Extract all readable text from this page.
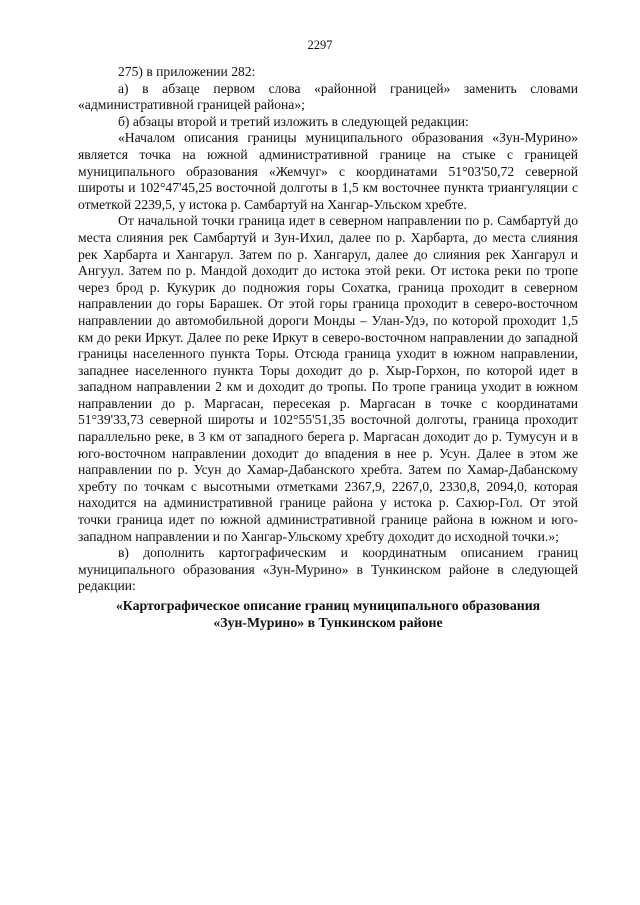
2297

275) в приложении 282:

а) в абзаце первом слова «районной границей» заменить словами «административной границей района»;

б) абзацы второй и третий изложить в следующей редакции:

«Началом описания границы муниципального образования «Зун-Мурино» является точка на южной административной границе на стыке с границей муниципального образования «Жемчуг» с координатами 51°03'50,72 северной широты и 102°47'45,25 восточной долготы в 1,5 км восточнее пункта триангуляции с отметкой 2239,5, у истока р. Самбартуй на Хангар-Ульском хребте.

От начальной точки граница идет в северном направлении по р. Самбартуй до места слияния рек Самбартуй и Зун-Ихил, далее по р. Харбарта, до места слияния рек Харбарта и Хангарул. Затем по р. Хангарул, далее до слияния рек Хангарул и Ангуул. Затем по р. Мандой доходит до истока этой реки. От истока реки по тропе через брод р. Кукурик до подножия горы Сохатка, граница проходит в северном направлении до горы Барашек. От этой горы граница проходит в северо-восточном направлении до автомобильной дороги Монды – Улан-Удэ, по которой проходит 1,5 км до реки Иркут. Далее по реке Иркут в северо-восточном направлении до западной границы населенного пункта Торы. Отсюда граница уходит в южном направлении, западнее населенного пункта Торы доходит до р. Хыр-Горхон, по которой идет в западном направлении 2 км и доходит до тропы. По тропе граница уходит в южном направлении до р. Маргасан, пересекая р. Маргасан в точке с координатами 51°39'33,73 северной широты и 102°55'51,35 восточной долготы, граница проходит параллельно реке, в 3 км от западного берега р. Маргасан доходит до р. Тумусун и в юго-восточном направлении доходит до впадения в нее р. Усун. Далее в этом же направлении по р. Усун до Хамар-Дабанского хребта. Затем по Хамар-Дабанскому хребту по точкам с высотными отметками 2367,9, 2267,0, 2330,8, 2094,0, которая находится на административной границе района у истока р. Сахюр-Гол. От этой точки граница идет по южной административной границе района в южном и юго-западном направлении и по Хангар-Ульскому хребту доходит до исходной точки.»;

в) дополнить картографическим и координатным описанием границ муниципального образования «Зун-Мурино» в Тункинском районе в следующей редакции:

«Картографическое описание границ муниципального образования
«Зун-Мурино» в Тункинском районе
